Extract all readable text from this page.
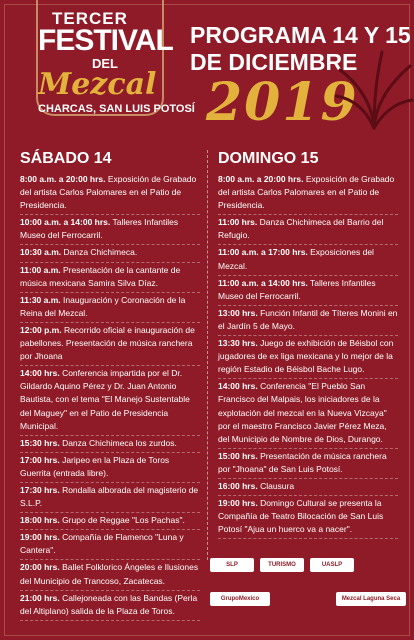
TERCER
FESTIVAL
DEL
Mezcal
CHARCAS, SAN LUIS POTOSÍ
PROGRAMA 14 Y 15
DE DICIEMBRE
2019
SÁBADO 14

8:00 a.m. a 20:00 hrs. Exposición de Grabado del artista Carlos Palomares en el Patio de Presidencia.

10:00 a.m. a 14:00 hrs. Talleres Infantiles Museo del Ferrocarril.

10:30 a.m. Danza Chichimeca.

11:00 a.m. Presentación de la cantante de música mexicana Samira Silva Díaz.

11:30 a.m. Inauguración y Coronación de la Reina del Mezcal.

12:00 p.m. Recorrido oficial e inauguración de pabellones. Presentación de música ranchera por Jhoana

14:00 hrs. Conferencia impartida por el Dr. Gildardo Aquino Pérez y Dr. Juan Antonio Bautista, con el tema "El Manejo Sustentable del Maguey" en el Patio de Presidencia Municipal.

15:30 hrs. Danza Chichimeca los zurdos.

17:00 hrs. Jaripeo en la Plaza de Toros Guerrita (entrada libre).

17:30 hrs. Rondalla alborada del magisterio de S.L.P.

18:00 hrs. Grupo de Reggae "Los Pachas".

19:00 hrs. Compañía de Flamenco "Luna y Cantera".

20:00 hrs. Ballet Folklorico Ángeles e Ilusiones del Municipio de Trancoso, Zacatecas.

21:00 hrs. Callejoneada con las Bandas (Perla del Altiplano) salida de la Plaza de Toros.

DOMINGO 15

8:00 a.m. a 20:00 hrs. Exposición de Grabado del artista Carlos Palomares en el Patio de Presidencia.

11:00 hrs. Danza Chichimeca del Barrio del Refugio.

11:00 a.m. a 17:00 hrs. Exposiciones del Mezcal.

11:00 a.m. a 14:00 hrs. Talleres Infantiles Museo del Ferrocarril.

13:00 hrs. Función Infantil de Títeres Monini en el Jardín 5 de Mayo.

13:30 hrs. Juego de exhibición de Béisbol con jugadores de ex liga mexicana y lo mejor de la región Estadio de Béisbol Bache Lugo.

14:00 hrs. Conferencia "El Pueblo San Francisco del Malpais, los iniciadores de la explotación del mezcal en la Nueva Vizcaya" por el maestro Francisco Javier Pérez Meza, del Municipio de Nombre de Dios, Durango.

15:00 hrs. Presentación de música ranchera por "Jhoana" de San Luis Potosí.

16:00 hrs. Clausura

19:00 hrs. Domingo Cultural se presenta la Compañía de Teatro Bilocación de San Luis Potosí "Ajua un huerco va a nacer".

SLP	TURISMO	UASLP
GrupoMexico	Mezcal Laguna Seca
